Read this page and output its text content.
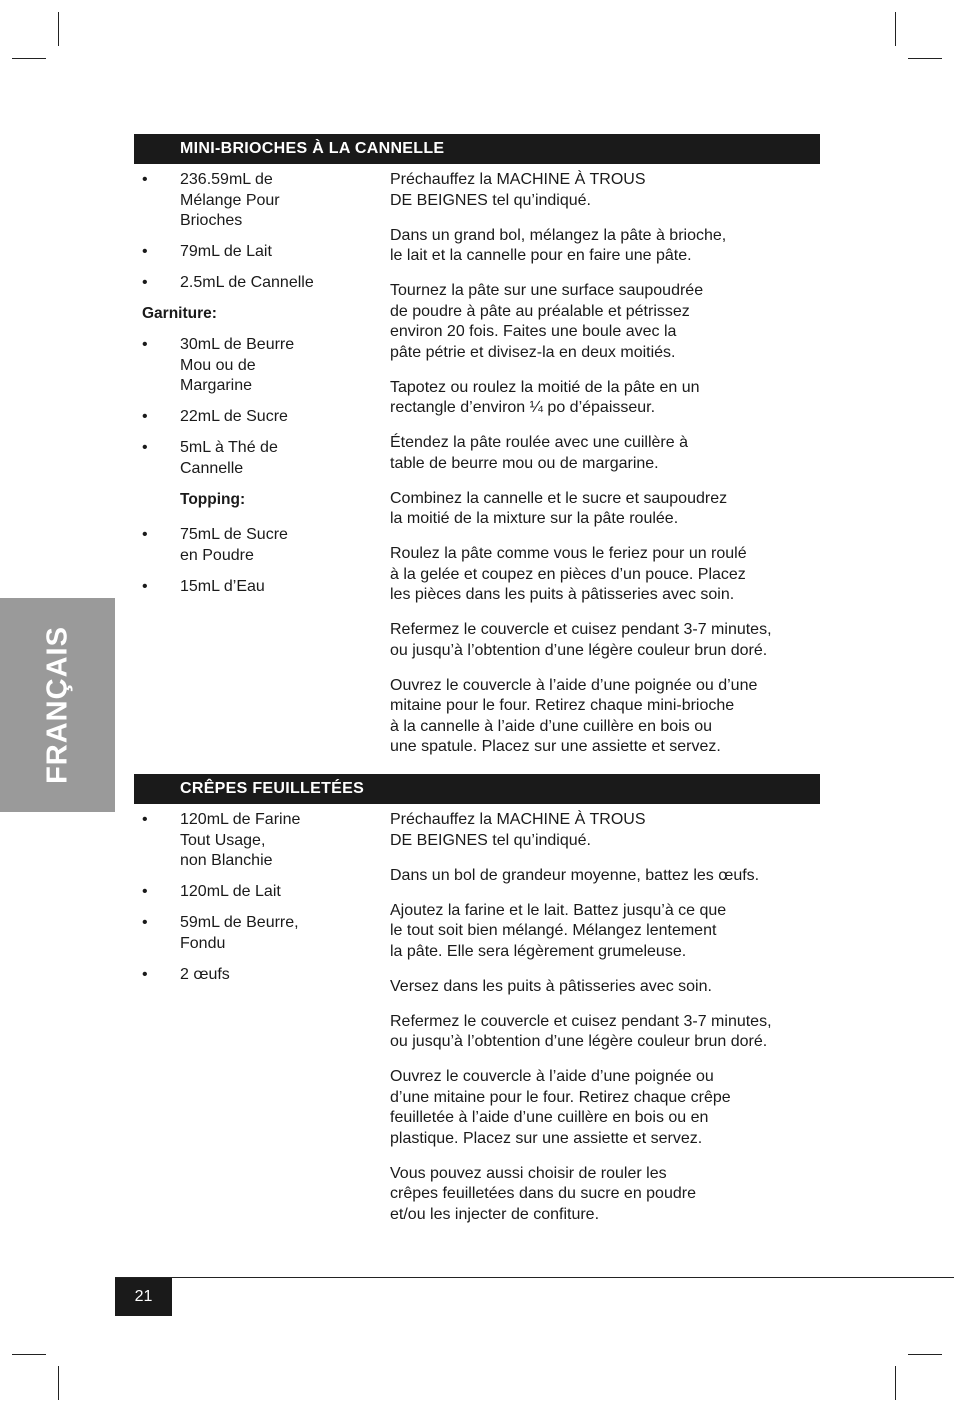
FRANÇAIS
MINI-BRIOCHES À LA CANNELLE
•	236.59mL de
Mélange Pour
Brioches
•	79mL de Lait
•	2.5mL de Cannelle
Garniture:
•	30mL de Beurre
Mou ou de
Margarine
•	22mL de Sucre
•	5mL à Thé de
Cannelle
Topping:
•	75mL de Sucre
en Poudre
•	15mL d’Eau

Préchauffez la MACHINE À TROUS
DE BEIGNES tel qu’indiqué.

Dans un grand bol, mélangez la pâte à brioche,
le lait et la cannelle pour en faire une pâte.

Tournez la pâte sur une surface saupoudrée
de poudre à pâte au préalable et pétrissez
environ 20 fois. Faites une boule avec la
pâte pétrie et divisez-la en deux moitiés.

Tapotez ou roulez la moitié de la pâte en un
rectangle d’environ ¼ po d’épaisseur.

Étendez la pâte roulée avec une cuillère à
table de beurre mou ou de margarine.

Combinez la cannelle et le sucre et saupoudrez
la moitié de la mixture sur la pâte roulée.

Roulez la pâte comme vous le feriez pour un roulé
à la gelée et coupez en pièces d’un pouce. Placez
les pièces dans les puits à pâtisseries avec soin.

Refermez le couvercle et cuisez pendant 3-7 minutes,
ou jusqu’à l’obtention d’une légère couleur brun doré.

Ouvrez le couvercle à l’aide d’une poignée ou d’une
mitaine pour le four. Retirez chaque mini-brioche
à la cannelle à l’aide d’une cuillère en bois ou
une spatule. Placez sur une assiette et servez.

CRÊPES FEUILLETÉES
•	120mL de Farine
Tout Usage,
non Blanchie
•	120mL de Lait
•	59mL de Beurre,
Fondu
•	2 œufs

Préchauffez la MACHINE À TROUS
DE BEIGNES tel qu’indiqué.

Dans un bol de grandeur moyenne, battez les œufs.

Ajoutez la farine et le lait. Battez jusqu’à ce que
le tout soit bien mélangé. Mélangez lentement
la pâte. Elle sera légèrement grumeleuse.

Versez dans les puits à pâtisseries avec soin.

Refermez le couvercle et cuisez pendant 3-7 minutes,
ou jusqu’à l’obtention d’une légère couleur brun doré.

Ouvrez le couvercle à l’aide d’une poignée ou
d’une mitaine pour le four. Retirez chaque crêpe
feuilletée à l’aide d’une cuillère en bois ou en
plastique. Placez sur une assiette et servez.

Vous pouvez aussi choisir de rouler les
crêpes feuilletées dans du sucre en poudre
et/ou les injecter de confiture.

21
